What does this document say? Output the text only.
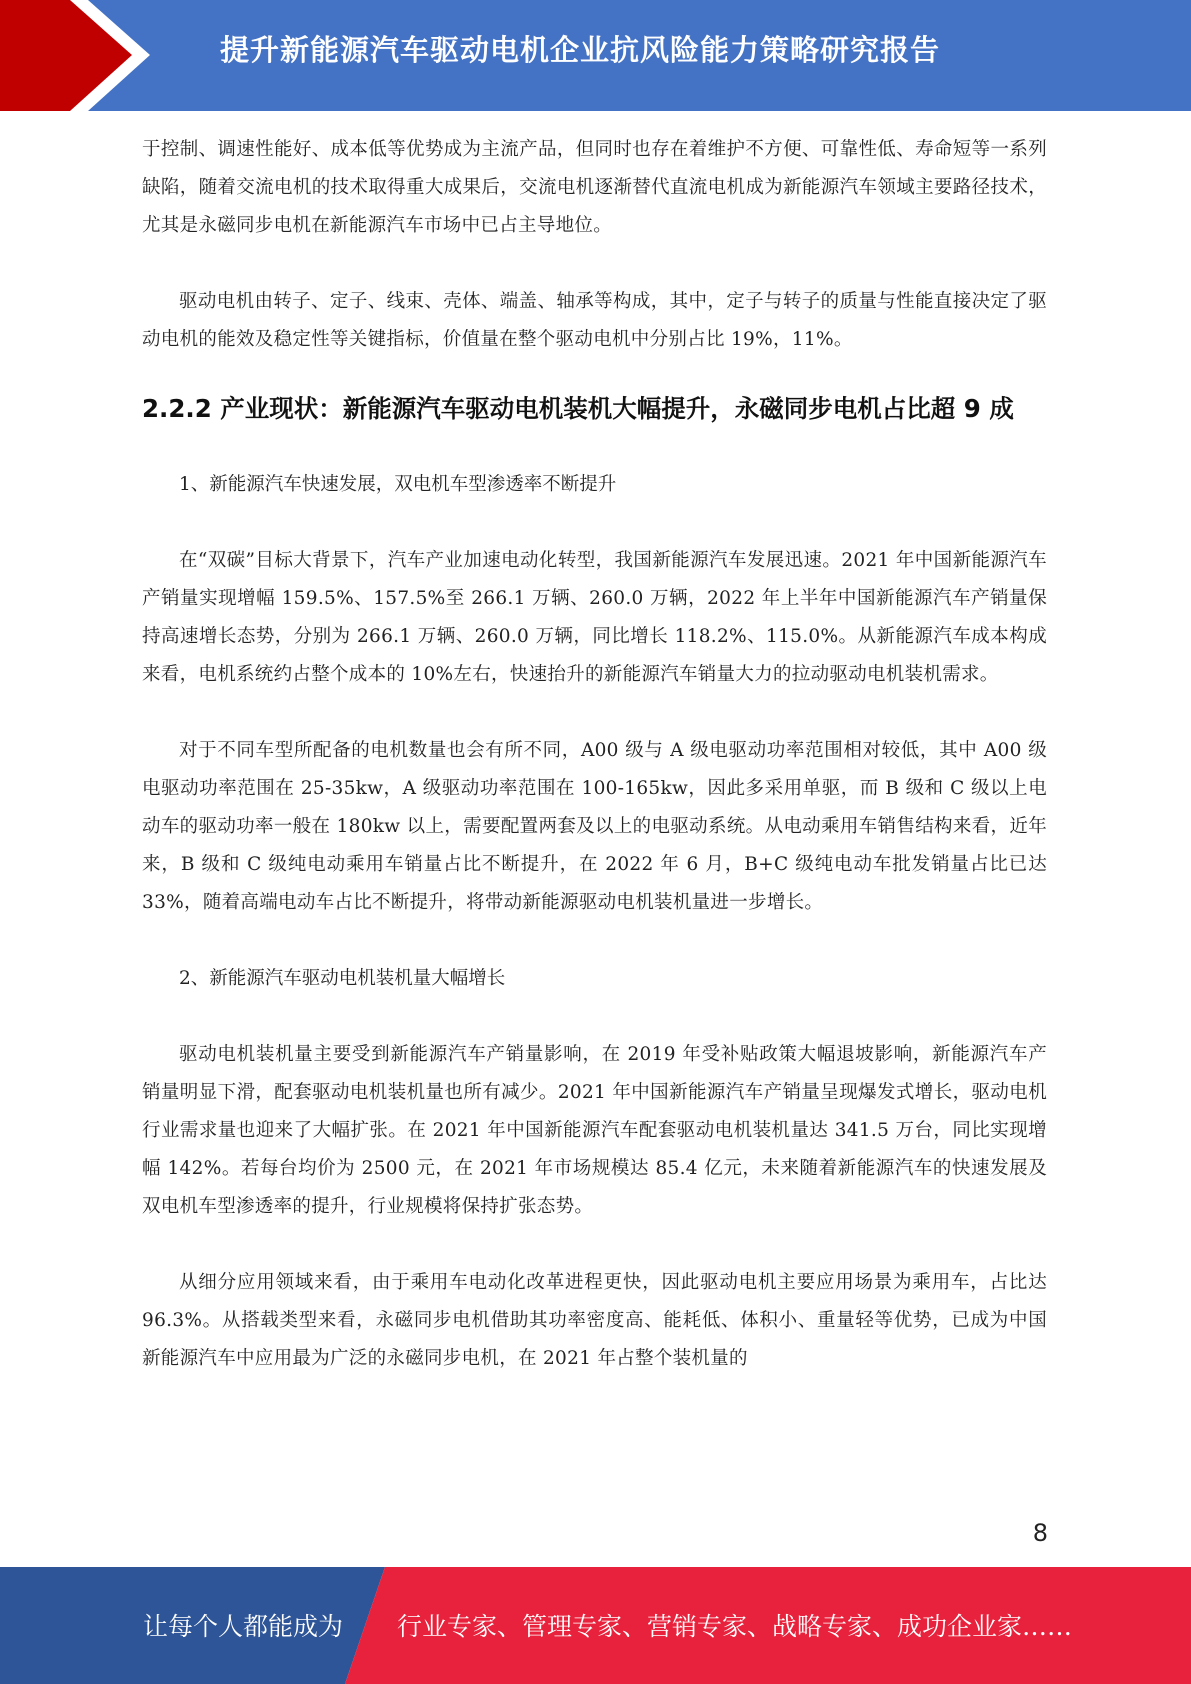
提升新能源汽车驱动电机企业抗风险能力策略研究报告

于控制、调速性能好、成本低等优势成为主流产品，但同时也存在着维护不方便、可靠性低、寿命短等一系列缺陷，随着交流电机的技术取得重大成果后，交流电机逐渐替代直流电机成为新能源汽车领域主要路径技术，尤其是永磁同步电机在新能源汽车市场中已占主导地位。

驱动电机由转子、定子、线束、壳体、端盖、轴承等构成，其中，定子与转子的质量与性能直接决定了驱动电机的能效及稳定性等关键指标，价值量在整个驱动电机中分别占比 19%，11%。

2.2.2 产业现状：新能源汽车驱动电机装机大幅提升，永磁同步电机占比超 9 成

1、新能源汽车快速发展，双电机车型渗透率不断提升

在“双碳”目标大背景下，汽车产业加速电动化转型，我国新能源汽车发展迅速。2021 年中国新能源汽车产销量实现增幅 159.5%、157.5%至 266.1 万辆、260.0 万辆，2022 年上半年中国新能源汽车产销量保持高速增长态势，分别为 266.1 万辆、260.0 万辆，同比增长 118.2%、115.0%。从新能源汽车成本构成来看，电机系统约占整个成本的 10%左右，快速抬升的新能源汽车销量大力的拉动驱动电机装机需求。

对于不同车型所配备的电机数量也会有所不同，A00 级与 A 级电驱动功率范围相对较低，其中 A00 级电驱动功率范围在 25-35kw，A 级驱动功率范围在 100-165kw，因此多采用单驱，而 B 级和 C 级以上电动车的驱动功率一般在 180kw 以上，需要配置两套及以上的电驱动系统。从电动乘用车销售结构来看，近年来，B 级和 C 级纯电动乘用车销量占比不断提升，在 2022 年 6 月，B+C 级纯电动车批发销量占比已达 33%，随着高端电动车占比不断提升，将带动新能源驱动电机装机量进一步增长。

2、新能源汽车驱动电机装机量大幅增长

驱动电机装机量主要受到新能源汽车产销量影响，在 2019 年受补贴政策大幅退坡影响，新能源汽车产销量明显下滑，配套驱动电机装机量也所有减少。2021 年中国新能源汽车产销量呈现爆发式增长，驱动电机行业需求量也迎来了大幅扩张。在 2021 年中国新能源汽车配套驱动电机装机量达 341.5 万台，同比实现增幅 142%。若每台均价为 2500 元，在 2021 年市场规模达 85.4 亿元，未来随着新能源汽车的快速发展及双电机车型渗透率的提升，行业规模将保持扩张态势。

从细分应用领域来看，由于乘用车电动化改革进程更快，因此驱动电机主要应用场景为乘用车，占比达 96.3%。从搭载类型来看，永磁同步电机借助其功率密度高、能耗低、体积小、重量轻等优势，已成为中国新能源汽车中应用最为广泛的永磁同步电机，在 2021 年占整个装机量的

8
让每个人都能成为 行业专家、管理专家、营销专家、战略专家、成功企业家……
